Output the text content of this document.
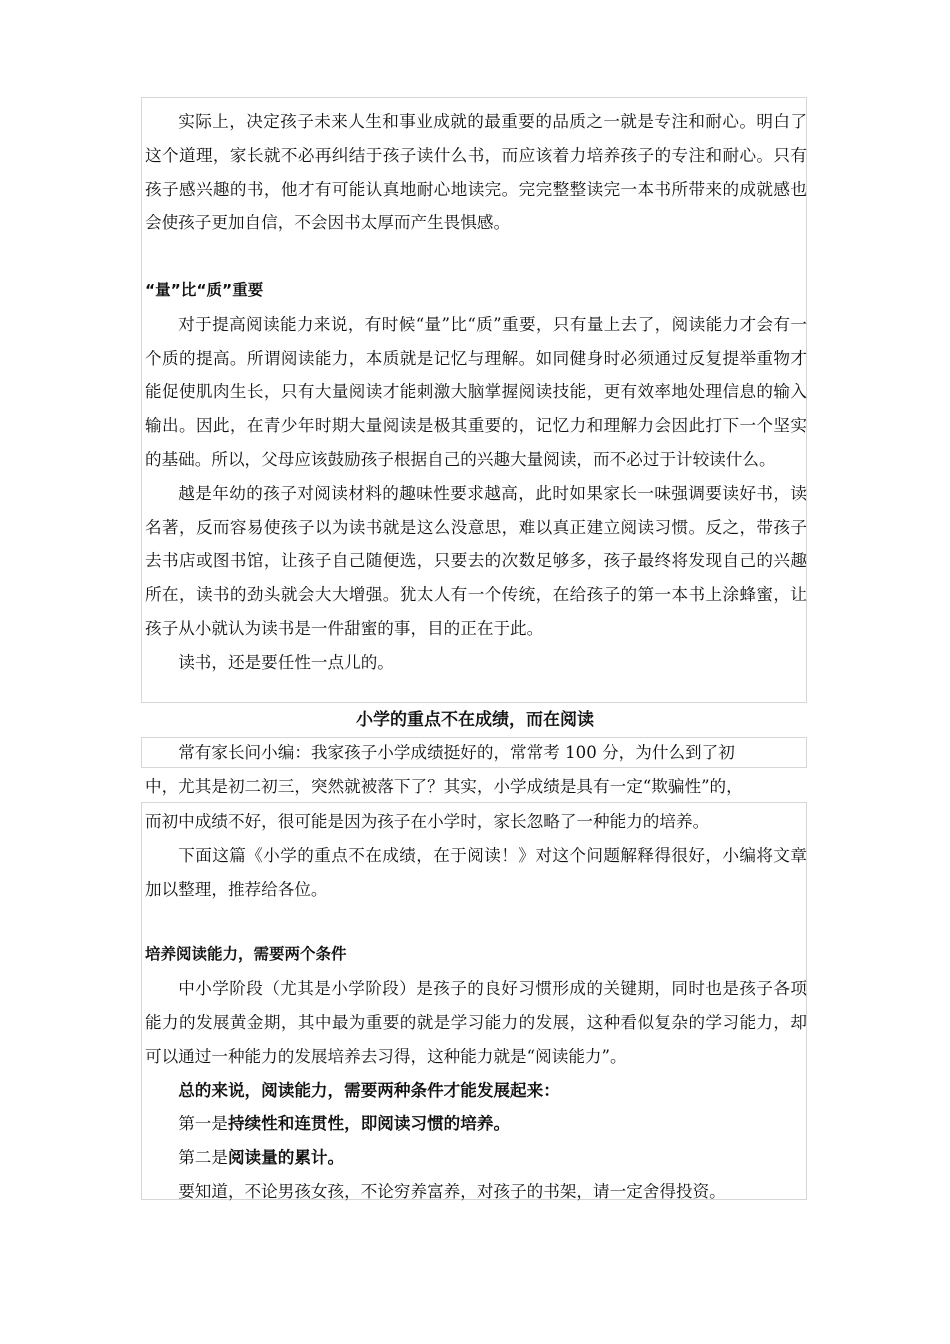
实际上，决定孩子未来人生和事业成就的最重要的品质之一就是专注和耐心。明白了这个道理，家长就不必再纠结于孩子读什么书，而应该着力培养孩子的专注和耐心。只有孩子感兴趣的书，他才有可能认真地耐心地读完。完完整整读完一本书所带来的成就感也会使孩子更加自信，不会因书太厚而产生畏惧感。

“量”比“质”重要

对于提高阅读能力来说，有时候“量”比“质”重要，只有量上去了，阅读能力才会有一个质的提高。所谓阅读能力，本质就是记忆与理解。如同健身时必须通过反复提举重物才能促使肌肉生长，只有大量阅读才能刺激大脑掌握阅读技能，更有效率地处理信息的输入输出。因此，在青少年时期大量阅读是极其重要的，记忆力和理解力会因此打下一个坚实的基础。所以，父母应该鼓励孩子根据自己的兴趣大量阅读，而不必过于计较读什么。

越是年幼的孩子对阅读材料的趣味性要求越高，此时如果家长一味强调要读好书，读名著，反而容易使孩子以为读书就是这么没意思，难以真正建立阅读习惯。反之，带孩子去书店或图书馆，让孩子自己随便选，只要去的次数足够多，孩子最终将发现自己的兴趣所在，读书的劲头就会大大增强。犹太人有一个传统，在给孩子的第一本书上涂蜂蜜，让孩子从小就认为读书是一件甜蜜的事，目的正在于此。

读书，还是要任性一点儿的。

小学的重点不在成绩，而在阅读

常有家长问小编：我家孩子小学成绩挺好的，常常考 100 分，为什么到了初

中，尤其是初二初三，突然就被落下了？其实，小学成绩是具有一定“欺骗性”的，

而初中成绩不好，很可能是因为孩子在小学时，家长忽略了一种能力的培养。

下面这篇《小学的重点不在成绩，在于阅读！》对这个问题解释得很好，小编将文章加以整理，推荐给各位。

培养阅读能力，需要两个条件

中小学阶段（尤其是小学阶段）是孩子的良好习惯形成的关键期，同时也是孩子各项能力的发展黄金期，其中最为重要的就是学习能力的发展，这种看似复杂的学习能力，却可以通过一种能力的发展培养去习得，这种能力就是“阅读能力”。

总的来说，阅读能力，需要两种条件才能发展起来：

第一是持续性和连贯性，即阅读习惯的培养。

第二是阅读量的累计。

要知道，不论男孩女孩，不论穷养富养，对孩子的书架，请一定舍得投资。
